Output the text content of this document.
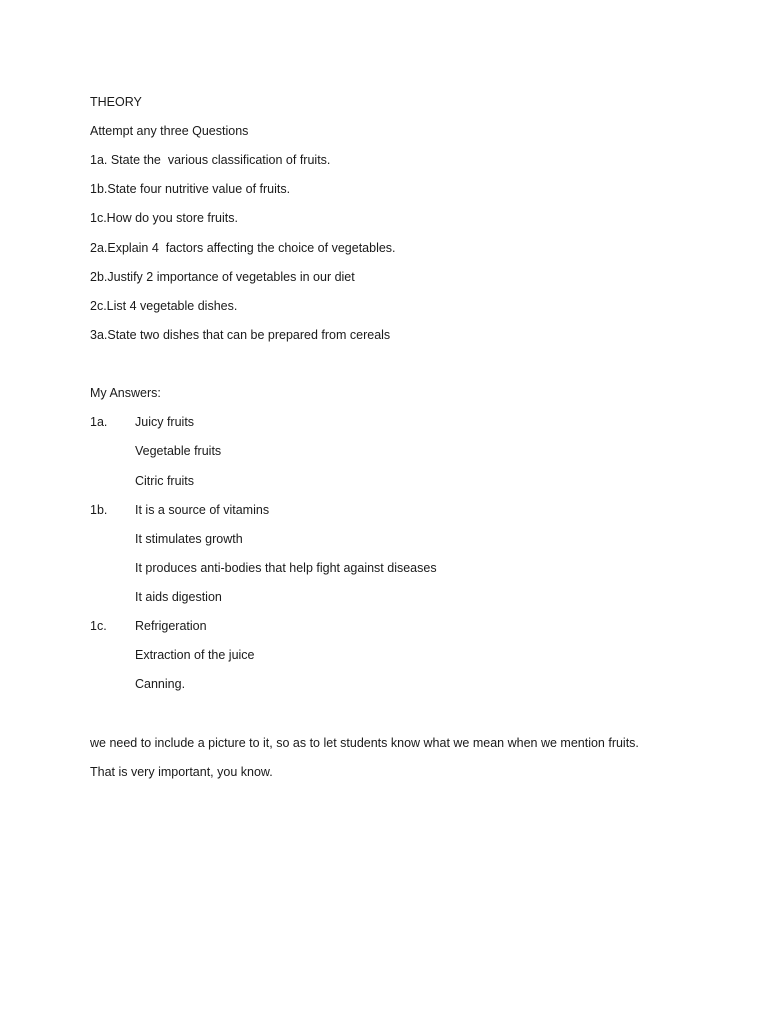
THEORY
Attempt any three Questions
1a. State the  various classification of fruits.
1b.State four nutritive value of fruits.
1c.How do you store fruits.
2a.Explain 4  factors affecting the choice of vegetables.
2b.Justify 2 importance of vegetables in our diet
2c.List 4 vegetable dishes.
3a.State two dishes that can be prepared from cereals
My Answers:
1a. Juicy fruits
Vegetable fruits
Citric fruits
1b. It is a source of vitamins
It stimulates growth
It produces anti-bodies that help fight against diseases
It aids digestion
1c. Refrigeration
Extraction of the juice
Canning.
we need to include a picture to it, so as to let students know what we mean when we mention fruits.
That is very important, you know.
